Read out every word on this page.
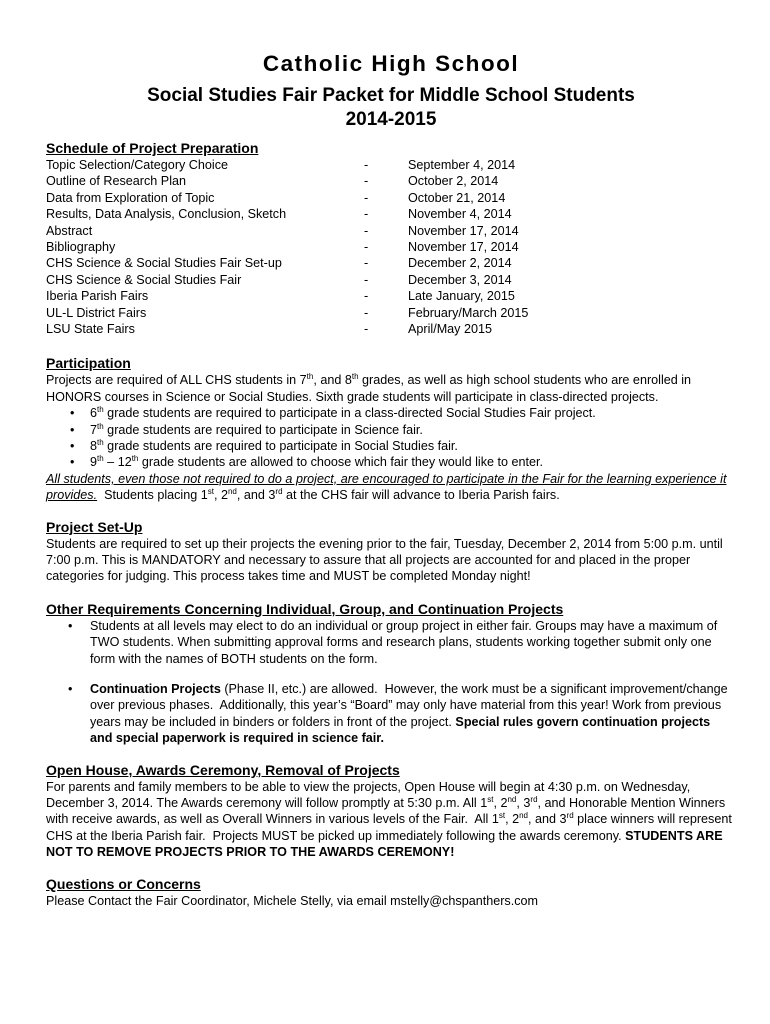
Catholic High School
Social Studies Fair Packet for Middle School Students
2014-2015
Schedule of Project Preparation
Topic Selection/Category Choice	-	September 4, 2014
Outline of Research Plan	-	October 2, 2014
Data from Exploration of Topic	-	October 21, 2014
Results, Data Analysis, Conclusion, Sketch	-	November 4, 2014
Abstract	-	November 17, 2014
Bibliography	-	November 17, 2014
CHS Science & Social Studies Fair Set-up	-	December 2, 2014
CHS Science & Social Studies Fair	-	December 3, 2014
Iberia Parish Fairs	-	Late January, 2015
UL-L District Fairs	-	February/March 2015
LSU State Fairs	-	April/May 2015
Participation

Projects are required of ALL CHS students in 7th, and 8th grades, as well as high school students who are enrolled in HONORS courses in Science or Social Studies. Sixth grade students will participate in class-directed projects.

• 6th grade students are required to participate in a class-directed Social Studies Fair project.
• 7th grade students are required to participate in Science fair.
• 8th grade students are required to participate in Social Studies fair.
• 9th – 12th grade students are allowed to choose which fair they would like to enter.

All students, even those not required to do a project, are encouraged to participate in the Fair for the learning experience it provides.  Students placing 1st, 2nd, and 3rd at the CHS fair will advance to Iberia Parish fairs.

Project Set-Up

Students are required to set up their projects the evening prior to the fair, Tuesday, December 2, 2014 from 5:00 p.m. until 7:00 p.m. This is MANDATORY and necessary to assure that all projects are accounted for and placed in the proper categories for judging. This process takes time and MUST be completed Monday night!

Other Requirements Concerning Individual, Group, and Continuation Projects
• Students at all levels may elect to do an individual or group project in either fair. Groups may have a maximum of TWO students. When submitting approval forms and research plans, students working together submit only one form with the names of BOTH students on the form.
• Continuation Projects (Phase II, etc.) are allowed.  However, the work must be a significant improvement/change over previous phases.  Additionally, this year’s “Board” may only have material from this year! Work from previous years may be included in binders or folders in front of the project. Special rules govern continuation projects and special paperwork is required in science fair.
Open House, Awards Ceremony, Removal of Projects

For parents and family members to be able to view the projects, Open House will begin at 4:30 p.m. on Wednesday, December 3, 2014. The Awards ceremony will follow promptly at 5:30 p.m. All 1st, 2nd, 3rd, and Honorable Mention Winners with receive awards, as well as Overall Winners in various levels of the Fair.  All 1st, 2nd, and 3rd place winners will represent CHS at the Iberia Parish fair.  Projects MUST be picked up immediately following the awards ceremony. STUDENTS ARE NOT TO REMOVE PROJECTS PRIOR TO THE AWARDS CEREMONY!

Questions or Concerns

Please Contact the Fair Coordinator, Michele Stelly, via email mstelly@chspanthers.com
